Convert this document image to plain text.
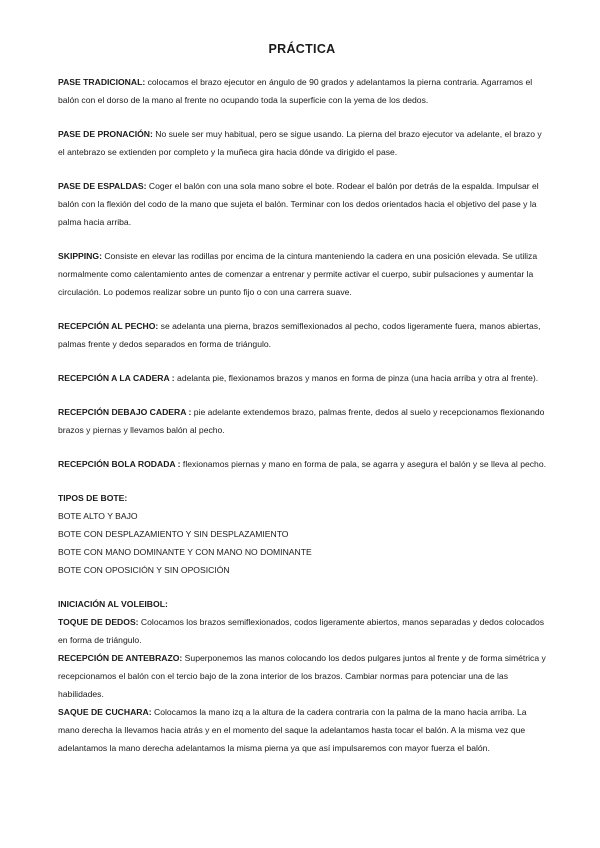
PRÁCTICA
PASE TRADICIONAL: colocamos el brazo ejecutor en ángulo de 90 grados y adelantamos la pierna contraria. Agarramos el balón con el dorso de la mano al frente no ocupando toda la superficie con la yema de los dedos.
PASE DE PRONACIÓN: No suele ser muy habitual, pero se sigue usando. La pierna del brazo ejecutor va adelante, el brazo y el antebrazo se extienden por completo y la muñeca gira hacia dónde va dirigido el pase.
PASE DE ESPALDAS: Coger el balón con una sola mano sobre el bote. Rodear el balón por detrás de la espalda. Impulsar el balón con la flexión del codo de la mano que sujeta el balón. Terminar con los dedos orientados hacia el objetivo del pase y la palma hacia arriba.
SKIPPING: Consiste en elevar las rodillas por encima de la cintura manteniendo la cadera en una posición elevada. Se utiliza normalmente como calentamiento antes de comenzar a entrenar y permite activar el cuerpo, subir pulsaciones y aumentar la circulación. Lo podemos realizar sobre un punto fijo o con una carrera suave.
RECEPCIÓN AL PECHO: se adelanta una pierna, brazos semiflexionados al pecho, codos ligeramente fuera, manos abiertas, palmas frente y dedos separados en forma de triángulo.
RECEPCIÓN A LA CADERA : adelanta pie, flexionamos brazos y manos en forma de pinza (una hacia arriba y otra al frente).
RECEPCIÓN DEBAJO CADERA : pie adelante extendemos brazo, palmas frente, dedos al suelo y recepcionamos flexionando brazos y piernas y llevamos balón al pecho.
RECEPCIÓN BOLA RODADA : flexionamos piernas y mano en forma de pala, se agarra y asegura el balón y se lleva al pecho.
TIPOS DE BOTE:
BOTE ALTO Y BAJO
BOTE CON DESPLAZAMIENTO Y SIN DESPLAZAMIENTO
BOTE CON MANO DOMINANTE Y CON MANO NO DOMINANTE
BOTE CON OPOSICIÓN Y SIN OPOSICIÓN
INICIACIÓN AL VOLEIBOL:

TOQUE DE DEDOS: Colocamos los brazos semiflexionados, codos ligeramente abiertos, manos separadas y dedos colocados en forma de triángulo.

RECEPCIÓN DE ANTEBRAZO: Superponemos las manos colocando los dedos pulgares juntos al frente y de forma simétrica y recepcionamos el balón con el tercio bajo de la zona interior de los brazos. Cambiar normas para potenciar una de las habilidades.

SAQUE DE CUCHARA: Colocamos la mano izq a la altura de la cadera contraria con la palma de la mano hacia arriba. La mano derecha la llevamos hacia atrás y en el momento del saque la adelantamos hasta tocar el balón. A la misma vez que adelantamos la mano derecha adelantamos la misma pierna ya que así impulsaremos con mayor fuerza el balón.
